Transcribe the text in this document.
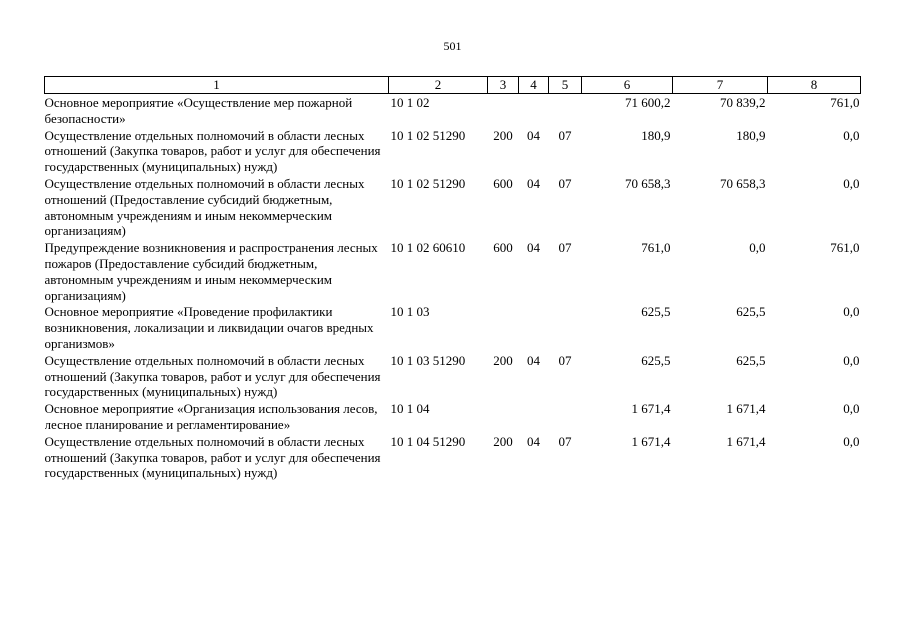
501
1	2	3	4	5	6	7	8
Основное мероприятие «Осуществление мер пожарной безопасности»	10 1 02				71 600,2	70 839,2	761,0
Осуществление отдельных полномочий в области лесных отношений (Закупка товаров, работ и услуг для обеспечения государственных (муниципальных) нужд)	10 1 02 51290	200	04	07	180,9	180,9	0,0
Осуществление отдельных полномочий в области лесных отношений (Предоставление субсидий бюджетным, автономным учреждениям и иным некоммерческим организациям)	10 1 02 51290	600	04	07	70 658,3	70 658,3	0,0
Предупреждение возникновения и распространения лесных пожаров (Предоставление субсидий бюджетным, автономным учреждениям и иным некоммерческим организациям)	10 1 02 60610	600	04	07	761,0	0,0	761,0
Основное мероприятие «Проведение профилактики возникновения, локализации и ликвидации очагов вредных организмов»	10 1 03				625,5	625,5	0,0
Осуществление отдельных полномочий в области лесных отношений (Закупка товаров, работ и услуг для обеспечения государственных (муниципальных) нужд)	10 1 03 51290	200	04	07	625,5	625,5	0,0
Основное мероприятие «Организация использования лесов, лесное планирование и регламентирование»	10 1 04				1 671,4	1 671,4	0,0
Осуществление отдельных полномочий в области лесных отношений (Закупка товаров, работ и услуг для обеспечения государственных (муниципальных) нужд)	10 1 04 51290	200	04	07	1 671,4	1 671,4	0,0
